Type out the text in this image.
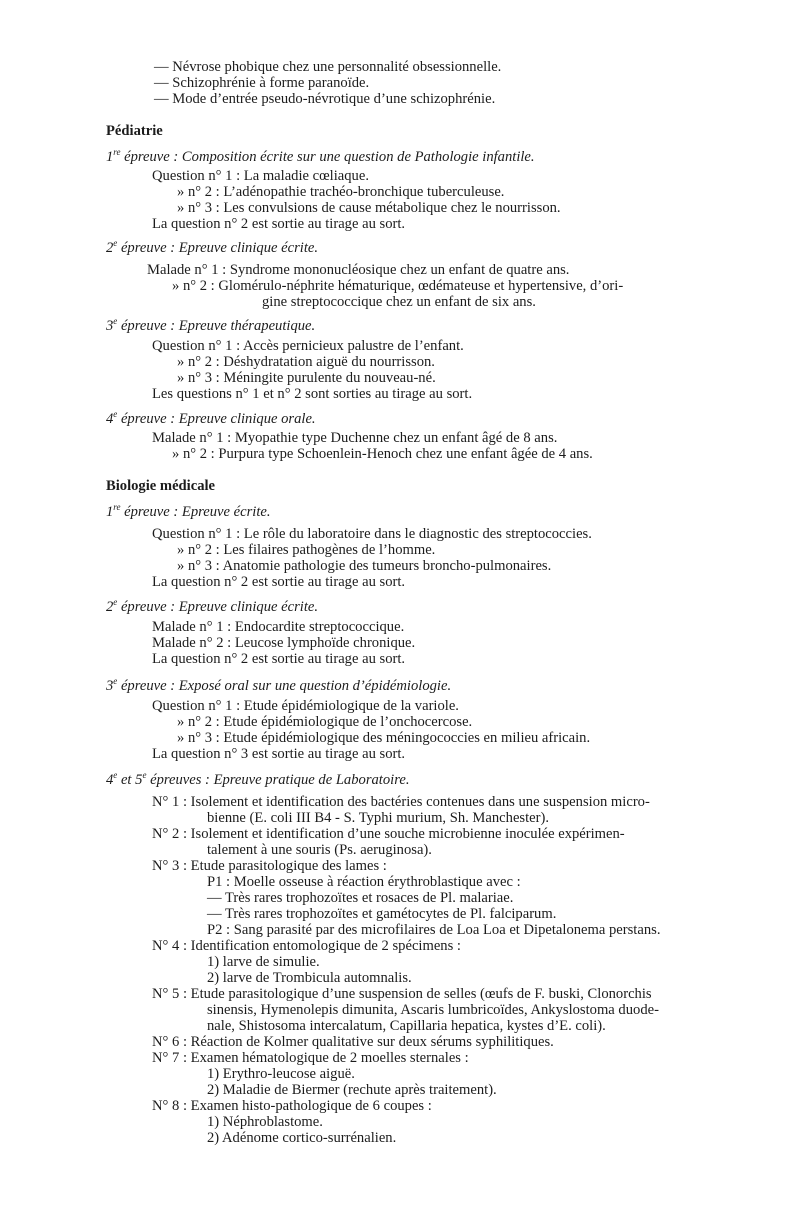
— Névrose phobique chez une personnalité obsessionnelle.
— Schizophrénie à forme paranoïde.
— Mode d’entrée pseudo-névrotique d’une schizophrénie.
Pédiatrie
1re épreuve : Composition écrite sur une question de Pathologie infantile.
Question n° 1 : La maladie cœliaque.
» n° 2 : L’adénopathie trachéo-bronchique tuberculeuse.
» n° 3 : Les convulsions de cause métabolique chez le nourrisson.
La question n° 2 est sortie au tirage au sort.
2e épreuve : Epreuve clinique écrite.
Malade n° 1 : Syndrome mononucléosique chez un enfant de quatre ans.
» n° 2 : Glomérulo-néphrite hématurique, œdémateuse et hypertensive, d’ori-
gine streptococcique chez un enfant de six ans.
3e épreuve : Epreuve thérapeutique.
Question n° 1 : Accès pernicieux palustre de l’enfant.
» n° 2 : Déshydratation aiguë du nourrisson.
» n° 3 : Méningite purulente du nouveau-né.
Les questions n° 1 et n° 2 sont sorties au tirage au sort.
4e épreuve : Epreuve clinique orale.
Malade n° 1 : Myopathie type Duchenne chez un enfant âgé de 8 ans.
» n° 2 : Purpura type Schoenlein-Henoch chez une enfant âgée de 4 ans.
Biologie médicale
1re épreuve : Epreuve écrite.
Question n° 1 : Le rôle du laboratoire dans le diagnostic des streptococcies.
» n° 2 : Les filaires pathogènes de l’homme.
» n° 3 : Anatomie pathologie des tumeurs broncho-pulmonaires.
La question n° 2 est sortie au tirage au sort.
2e épreuve : Epreuve clinique écrite.
Malade n° 1 : Endocardite streptococcique.
Malade n° 2 : Leucose lymphoïde chronique.
La question n° 2 est sortie au tirage au sort.
3e épreuve : Exposé oral sur une question d’épidémiologie.
Question n° 1 : Etude épidémiologique de la variole.
» n° 2 : Etude épidémiologique de l’onchocercose.
» n° 3 : Etude épidémiologique des méningococcies en milieu africain.
La question n° 3 est sortie au tirage au sort.
4e et 5e épreuves : Epreuve pratique de Laboratoire.
N° 1 : Isolement et identification des bactéries contenues dans une suspension micro-
bienne (E. coli III B4 - S. Typhi murium, Sh. Manchester).
N° 2 : Isolement et identification d’une souche microbienne inoculée expérimen-
talement à une souris (Ps. aeruginosa).
N° 3 : Etude parasitologique des lames :
P1 : Moelle osseuse à réaction érythroblastique avec :
— Très rares trophozoïtes et rosaces de Pl. malariae.
— Très rares trophozoïtes et gamétocytes de Pl. falciparum.
P2 : Sang parasité par des microfilaires de Loa Loa et Dipetalonema perstans.
N° 4 : Identification entomologique de 2 spécimens :
1) larve de simulie.
2) larve de Trombicula automnalis.
N° 5 : Etude parasitologique d’une suspension de selles (œufs de F. buski, Clonorchis
sinensis, Hymenolepis dimunita, Ascaris lumbricoïdes, Ankyslostoma duode-
nale, Shistosoma intercalatum, Capillaria hepatica, kystes d’E. coli).
N° 6 : Réaction de Kolmer qualitative sur deux sérums syphilitiques.
N° 7 : Examen hématologique de 2 moelles sternales :
1) Erythro-leucose aiguë.
2) Maladie de Biermer (rechute après traitement).
N° 8 : Examen histo-pathologique de 6 coupes :
1) Néphroblastome.
2) Adénome cortico-surrénalien.
